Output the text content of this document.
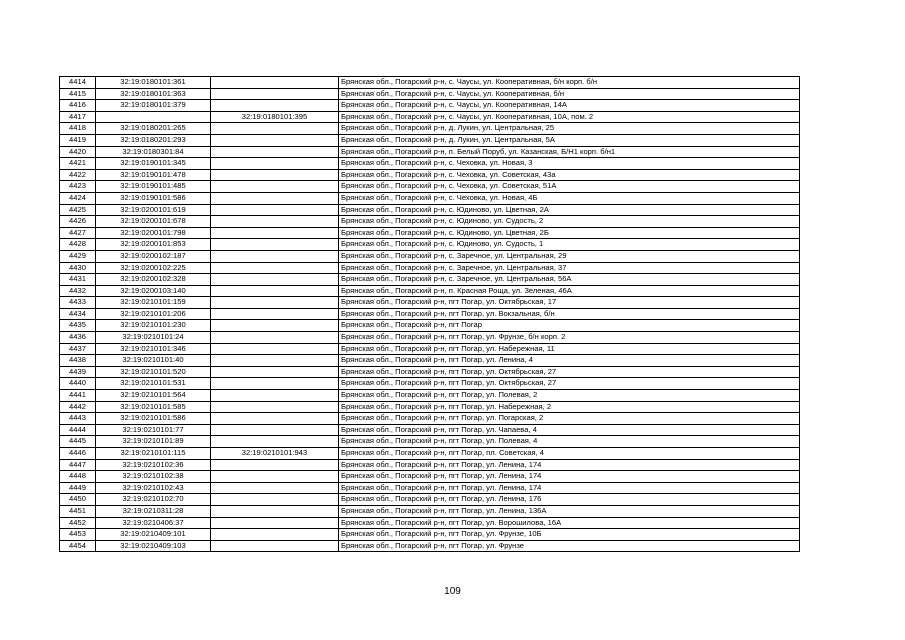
4414	32:19:0180101:361		Брянская обл., Погарский р-н, с. Чаусы, ул. Кооперативная, б/н корп. б/н
4415	32:19:0180101:363		Брянская обл., Погарский р-н, с. Чаусы, ул. Кооперативная, б/н
4416	32:19:0180101:379		Брянская обл., Погарский р-н, с. Чаусы, ул. Кооперативная, 14А
4417		32:19:0180101:395	Брянская обл., Погарский р-н, с. Чаусы, ул. Кооперативная, 10А, пом. 2
4418	32:19:0180201:265		Брянская обл., Погарский р-н, д. Лукин, ул. Центральная, 25
4419	32:19:0180201:293		Брянская обл., Погарский р-н, д. Лукин, ул. Центральная, 5А
4420	32:19:0180301:84		Брянская обл., Погарский р-н, п. Белый Поруб, ул. Казанская, Б/Н1 корп. б/н1
4421	32:19:0190101:345		Брянская обл., Погарский р-н, с. Чеховка, ул. Новая, 3
4422	32:19:0190101:478		Брянская обл., Погарский р-н, с. Чеховка, ул. Советская, 43а
4423	32:19:0190101:485		Брянская обл., Погарский р-н, с. Чеховка, ул. Советская, 51А
4424	32:19:0190101:586		Брянская обл., Погарский р-н, с. Чеховка, ул. Новая, 4Б
4425	32:19:0200101:619		Брянская обл., Погарский р-н, с. Юдиново, ул. Цветная, 2А
4426	32:19:0200101:678		Брянская обл., Погарский р-н, с. Юдиново, ул. Судость, 2
4427	32:19:0200101:798		Брянская обл., Погарский р-н, с. Юдиново, ул. Цветная, 2Б
4428	32:19:0200101:853		Брянская обл., Погарский р-н, с. Юдиново, ул. Судость, 1
4429	32:19:0200102:187		Брянская обл., Погарский р-н, с. Заречное, ул. Центральная, 29
4430	32:19:0200102:225		Брянская обл., Погарский р-н, с. Заречное, ул. Центральная, 37
4431	32:19:0200102:328		Брянская обл., Погарский р-н, с. Заречное, ул. Центральная, 56А
4432	32:19:0200103:140		Брянская обл., Погарский р-н, п. Красная Роща, ул. Зеленая, 46А
4433	32:19:0210101:159		Брянская обл., Погарский р-н, пгт Погар, ул. Октябрьская, 17
4434	32:19:0210101:206		Брянская обл., Погарский р-н, пгт Погар, ул. Вокзальная, б/н
4435	32:19:0210101:230		Брянская обл., Погарский р-н, пгт Погар
4436	32:19:0210101:24		Брянская обл., Погарский р-н, пгт Погар, ул. Фрунзе, б/н корп. 2
4437	32:19:0210101:346		Брянская обл., Погарский р-н, пгт Погар, ул. Набережная, 11
4438	32:19:0210101:40		Брянская обл., Погарский р-н, пгт Погар, ул. Ленина, 4
4439	32:19:0210101:520		Брянская обл., Погарский р-н, пгт Погар, ул. Октябрьская, 27
4440	32:19:0210101:531		Брянская обл., Погарский р-н, пгт Погар, ул. Октябрьская, 27
4441	32:19:0210101:564		Брянская обл., Погарский р-н, пгт Погар, ул. Полевая, 2
4442	32:19:0210101:585		Брянская обл., Погарский р-н, пгт Погар, ул. Набережная, 2
4443	32:19:0210101:586		Брянская обл., Погарский р-н, пгт Погар, ул. Погарская, 2
4444	32:19:0210101:77		Брянская обл., Погарский р-н, пгт Погар, ул. Чапаева, 4
4445	32:19:0210101:89		Брянская обл., Погарский р-н, пгт Погар, ул. Полевая, 4
4446	32:19:0210101:115	32:19:0210101:943	Брянская обл., Погарский р-н, пгт Погар, пл. Советская, 4
4447	32:19:0210102:36		Брянская обл., Погарский р-н, пгт Погар, ул. Ленина, 174
4448	32:19:0210102:38		Брянская обл., Погарский р-н, пгт Погар, ул. Ленина, 174
4449	32:19:0210102:43		Брянская обл., Погарский р-н, пгт Погар, ул. Ленина, 174
4450	32:19:0210102:70		Брянская обл., Погарский р-н, пгт Погар, ул. Ленина, 176
4451	32:19:0210311:28		Брянская обл., Погарский р-н, пгт Погар, ул. Ленина, 136А
4452	32:19:0210406:37		Брянская обл., Погарский р-н, пгт Погар, ул. Ворошилова, 16А
4453	32:19:0210409:101		Брянская обл., Погарский р-н, пгт Погар, ул. Фрунзе, 10Б
4454	32:19:0210409:103		Брянская обл., Погарский р-н, пгт Погар, ул. Фрунзе
109
